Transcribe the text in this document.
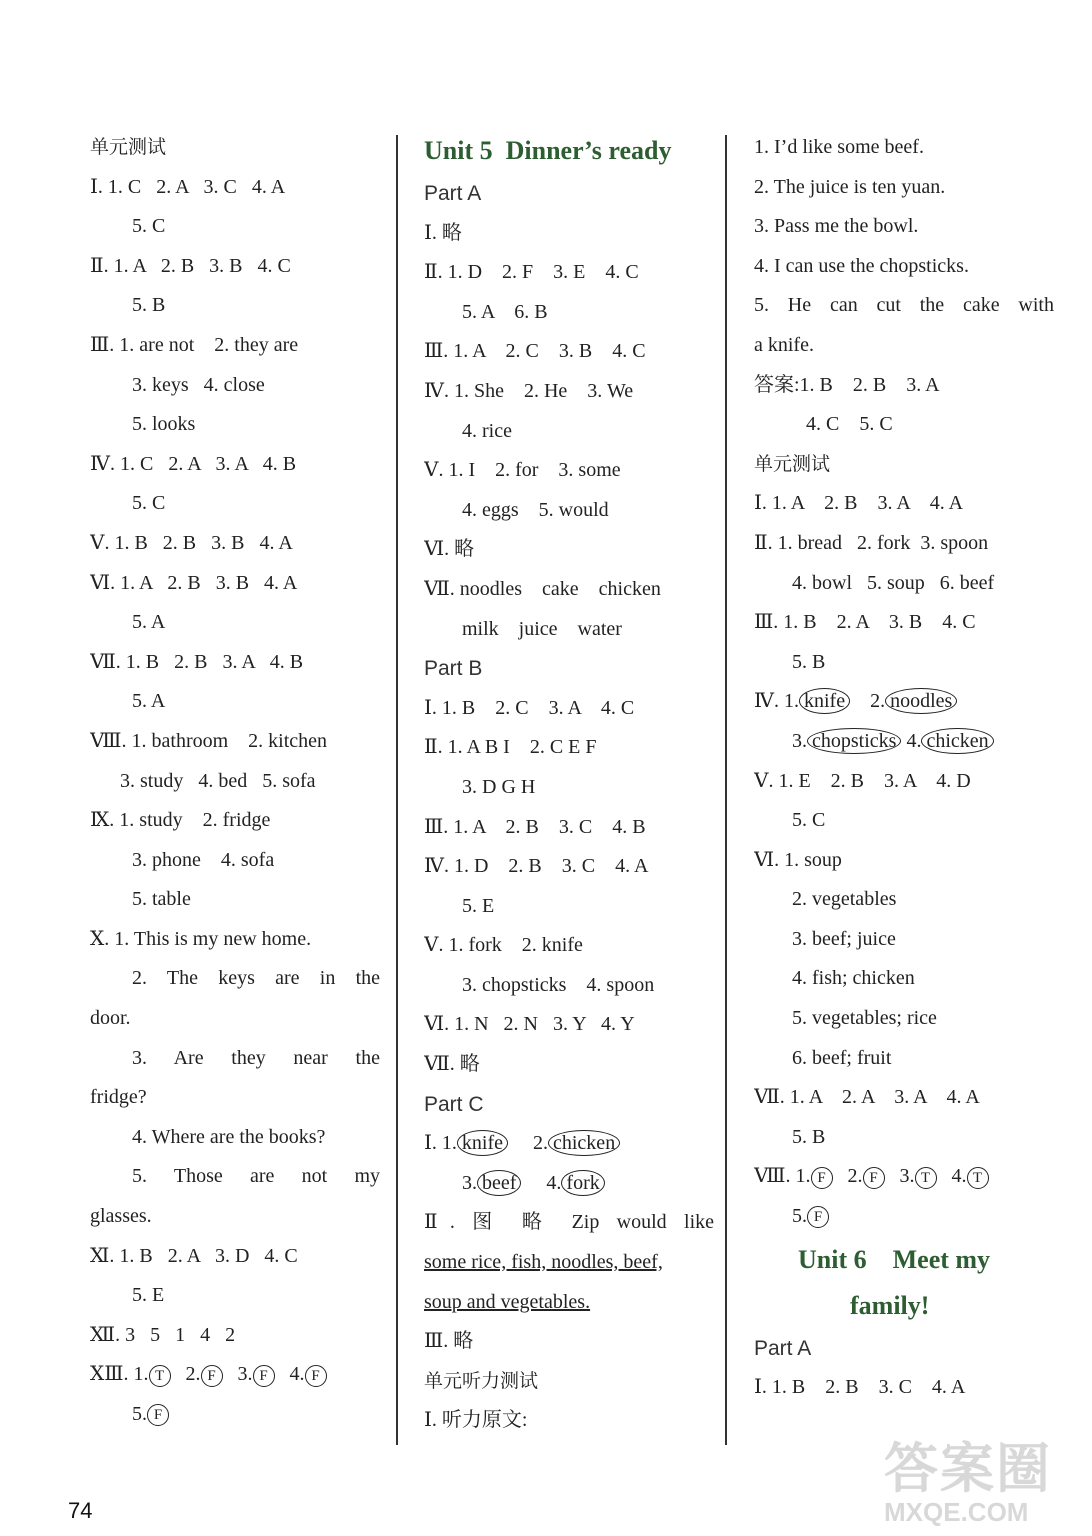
单元测试
Ⅰ. 1. C   2. A   3. C   4. A
5. C
Ⅱ. 1. A   2. B   3. B   4. C
5. B
Ⅲ. 1. are not    2. they are
3. keys   4. close
5. looks
Ⅳ. 1. C   2. A   3. A   4. B
5. C
Ⅴ. 1. B   2. B   3. B   4. A
Ⅵ. 1. A   2. B   3. B   4. A
5. A
Ⅶ. 1. B   2. B   3. A   4. B
5. A
Ⅷ. 1. bathroom    2. kitchen
3. study   4. bed   5. sofa
Ⅸ. 1. study    2. fridge
3. phone    4. sofa
5. table
Ⅹ. 1. This is my new home.
2. The keys are in the
door.
3. Are they near the
fridge?
4. Where are the books?
5. Those are not my
glasses.
Ⅺ. 1. B   2. A   3. D   4. C
5. E
Ⅻ. 3   5   1   4   2
ⅩⅢ. 1. T 2. F 3. F 4. F
5. F
Unit 5  Dinner’s ready
Part A
Ⅰ. 略
Ⅱ. 1. D    2. F    3. E    4. C
5. A    6. B
Ⅲ. 1. A    2. C    3. B    4. C
Ⅳ. 1. She    2. He    3. We
4. rice
Ⅴ. 1. I    2. for    3. some
4. eggs    5. would
Ⅵ. 略
Ⅶ. noodles    cake    chicken
milk    juice    water
Part B
Ⅰ. 1. B    2. C    3. A    4. C
Ⅱ. 1. A B I    2. C E F
3. D G H
Ⅲ. 1. A    2. B    3. C    4. B
Ⅳ. 1. D    2. B    3. C    4. A
5. E
Ⅴ. 1. fork    2. knife
3. chopsticks    4. spoon
Ⅵ. 1. N   2. N   3. Y   4. Y
Ⅶ. 略
Part C
Ⅰ. 1. knife     2. chicken
3. beef     4. fork
Ⅱ. 图 略 Zip would like
some rice, fish, noodles, beef,
soup and vegetables.
Ⅲ. 略
单元听力测试
Ⅰ. 听力原文:
1. I’d like some beef.
2. The juice is ten yuan.
3. Pass me the bowl.
4. I can use the chopsticks.
5. He can cut the cake with
a knife.
答案:1. B    2. B    3. A
4. C    5. C
单元测试
Ⅰ. 1. A    2. B    3. A    4. A
Ⅱ. 1. bread   2. fork  3. spoon
4. bowl   5. soup   6. beef
Ⅲ. 1. B    2. A    3. B    4. C
5. B
Ⅳ. 1. knife    2. noodles
3. chopsticks 4. chicken
Ⅴ. 1. E    2. B    3. A    4. D
5. C
Ⅵ. 1. soup
2. vegetables
3. beef; juice
4. fish; chicken
5. vegetables; rice
6. beef; fruit
Ⅶ. 1. A    2. A    3. A    4. A
5. B
Ⅷ. 1. F 2. F 3. T 4. T
5. F
Unit 6    Meet my
family!
Part A
Ⅰ. 1. B    2. B    3. C    4. A
74
答案圈
MXQE.COM
